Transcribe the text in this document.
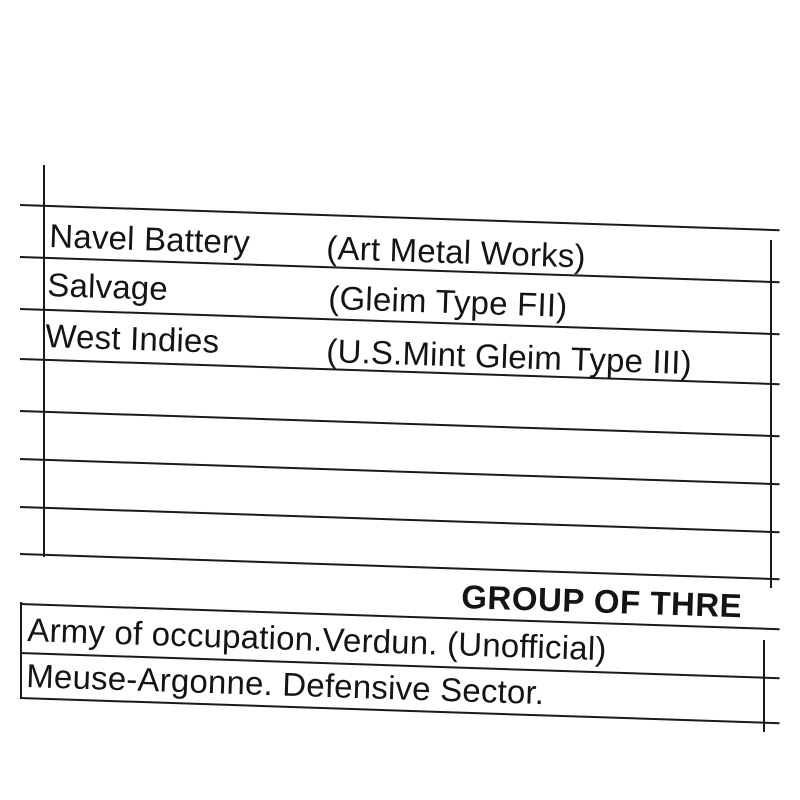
Navel Battery (Art Metal Works)
Salvage	(Gleim Type FII)
West Indies	(U.S.Mint Gleim Type III)
GROUP OF THRE
Army of occupation.Verdun. (Unofficial)
Meuse-Argonne. Defensive Sector.
